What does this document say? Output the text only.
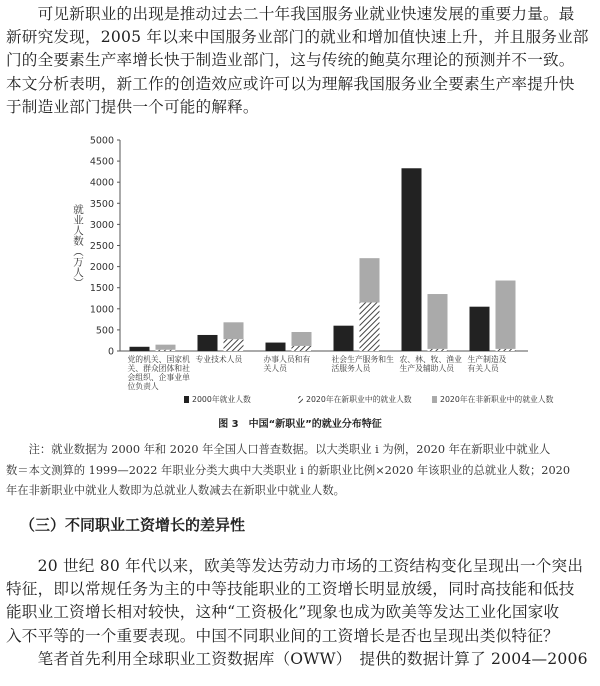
　　可见新职业的出现是推动过去二十年我国服务业就业快速发展的重要力量。最
新研究发现，2005 年以来中国服务业部门的就业和增加值快速上升，并且服务业部
门的全要素生产率增长快于制造业部门，这与传统的鲍莫尔理论的预测并不一致。
本文分析表明，新工作的创造效应或许可以为理解我国服务业全要素生产率提升快
于制造业部门提供一个可能的解释。

0
500
1000
1500
2000
2500
3000
3500
4000
4500
5000
就业人数（万人）
党的机关、国家机
关、群众团体和社
会组织、企事业单
位负责人
专业技术人员	办事人员和有
关人员
社会生产服务和生
活服务人员
农、林、牧、渔业
生产及辅助人员
生产制造及
有关人员
2000年就业人数	2020年在新职业中的就业人数	2020年在非新职业中的就业人数
图 3　中国“新职业”的就业分布特征

　　注：就业数据为 2000 年和 2020 年全国人口普查数据。以大类职业 i 为例，2020 年在新职业中就业人
数＝本文测算的 1999—2022 年职业分类大典中大类职业 i 的新职业比例×2020 年该职业的总就业人数；2020
年在非新职业中就业人数即为总就业人数减去在新职业中就业人数。

（三）不同职业工资增长的差异性

　　20 世纪 80 年代以来，欧美等发达劳动力市场的工资结构变化呈现出一个突出
特征，即以常规任务为主的中等技能职业的工资增长明显放缓，同时高技能和低技
能职业工资增长相对较快，这种“工资极化”现象也成为欧美等发达工业化国家收
入不平等的一个重要表现。中国不同职业间的工资增长是否也呈现出类似特征？
　　笔者首先利用全球职业工资数据库（OWW）　提供的数据计算了 2004—2006
